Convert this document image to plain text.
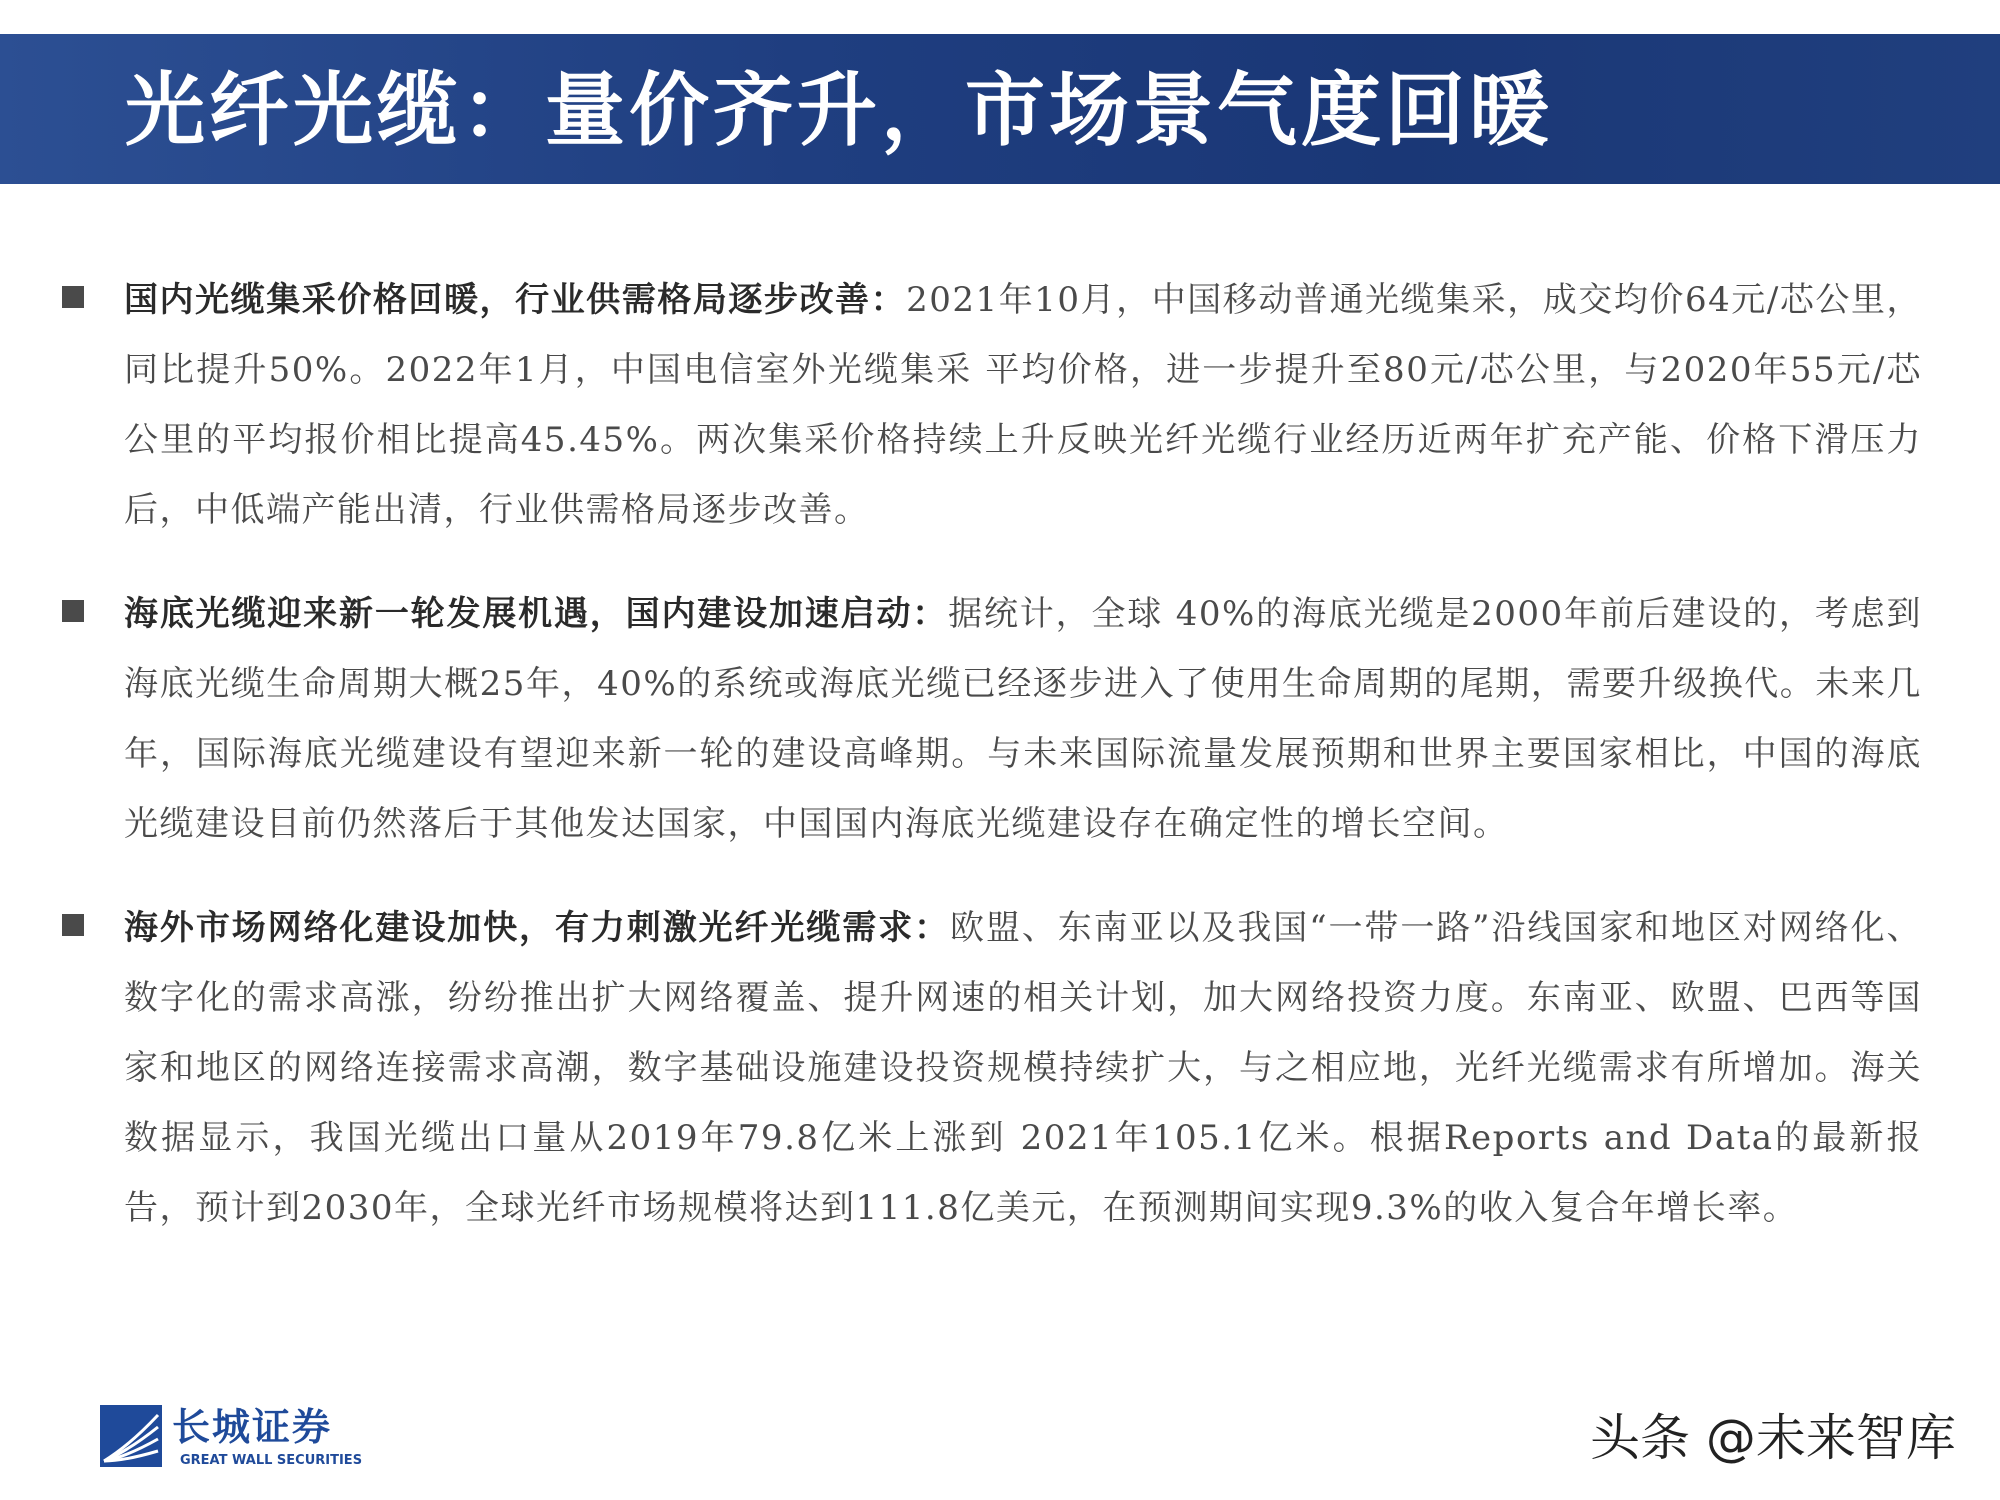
光纤光缆：量价齐升，市场景气度回暖
国内光缆集采价格回暖，行业供需格局逐步改善：2021年10月，中国移动普通光缆集采，成交均价64元/芯公里，同比提升50%。2022年1月，中国电信室外光缆集采 平均价格，进一步提升至80元/芯公里，与2020年55元/芯公里的平均报价相比提高45.45%。两次集采价格持续上升反映光纤光缆行业经历近两年扩充产能、价格下滑压力后，中低端产能出清，行业供需格局逐步改善。
海底光缆迎来新一轮发展机遇，国内建设加速启动：据统计，全球 40%的海底光缆是2000年前后建设的，考虑到海底光缆生命周期大概25年，40%的系统或海底光缆已经逐步进入了使用生命周期的尾期，需要升级换代。未来几年，国际海底光缆建设有望迎来新一轮的建设高峰期。与未来国际流量发展预期和世界主要国家相比，中国的海底光缆建设目前仍然落后于其他发达国家，中国国内海底光缆建设存在确定性的增长空间。
海外市场网络化建设加快，有力刺激光纤光缆需求：欧盟、东南亚以及我国“一带一路”沿线国家和地区对网络化、数字化的需求高涨，纷纷推出扩大网络覆盖、提升网速的相关计划，加大网络投资力度。东南亚、欧盟、巴西等国家和地区的网络连接需求高潮，数字基础设施建设投资规模持续扩大，与之相应地，光纤光缆需求有所增加。海关数据显示，我国光缆出口量从2019年79.8亿米上涨到 2021年105.1亿米。根据Reports and Data的最新报告，预计到2030年，全球光纤市场规模将达到111.8亿美元，在预测期间实现9.3%的收入复合年增长率。
长城证券
GREAT WALL SECURITIES	头条 @未来智库
